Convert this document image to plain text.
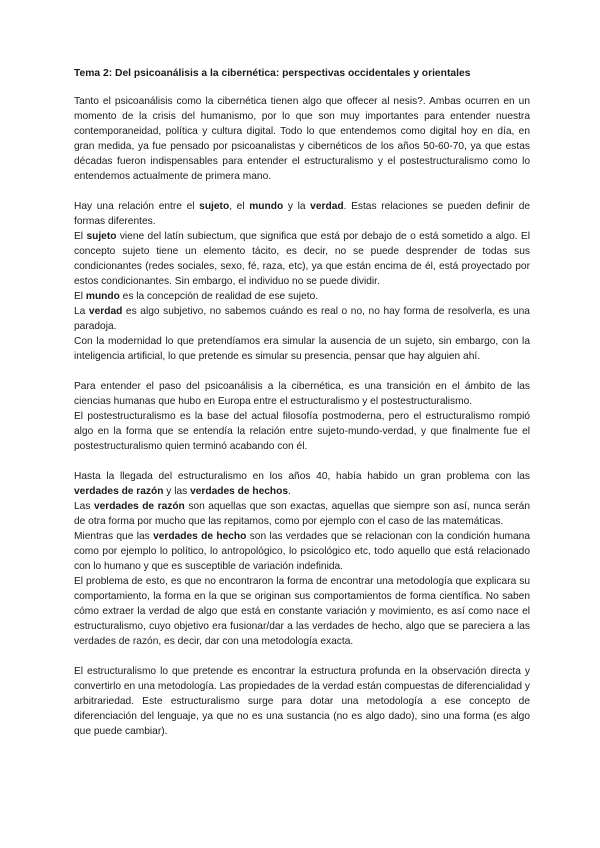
Tema 2: Del psicoanálisis a la cibernética: perspectivas occidentales y orientales

Tanto el psicoanálisis como la cibernética tienen algo que offecer al nesis?. Ambas ocurren en un momento de la crisis del humanismo, por lo que son muy importantes para entender nuestra contemporaneidad, política y cultura digital. Todo lo que entendemos como digital hoy en día, en gran medida, ya fue pensado por psicoanalistas y cibernéticos de los años 50-60-70, ya que estas décadas fueron indispensables para entender el estructuralismo y el postestructuralismo como lo entendemos actualmente de primera mano.

Hay una relación entre el sujeto, el mundo y la verdad. Estas relaciones se pueden definir de formas diferentes.

El sujeto viene del latín subiectum, que significa que está por debajo de o está sometido a algo. El concepto sujeto tiene un elemento tácito, es decir, no se puede desprender de todas sus condicionantes (redes sociales, sexo, fé, raza, etc), ya que están encima de él, está proyectado por estos condicionantes. Sin embargo, el individuo no se puede dividir.

El mundo es la concepción de realidad de ese sujeto.

La verdad es algo subjetivo, no sabemos cuándo es real o no, no hay forma de resolverla, es una paradoja.

Con la modernidad lo que pretendíamos era simular la ausencia de un sujeto, sin embargo, con la inteligencia artificial, lo que pretende es simular su presencia, pensar que hay alguien ahí.

Para entender el paso del psicoanálisis a la cibernética, es una transición en el ámbito de las ciencias humanas que hubo en Europa entre el estructuralismo y el postestructuralismo.

El postestructuralismo es la base del actual filosofía postmoderna, pero el estructuralismo rompió algo en la forma que se entendía la relación entre sujeto-mundo-verdad, y que finalmente fue el postestructuralismo quien terminó acabando con él.

Hasta la llegada del estructuralismo en los años 40, había habido un gran problema con las verdades de razón y las verdades de hechos.

Las verdades de razón son aquellas que son exactas, aquellas que siempre son así, nunca serán de otra forma por mucho que las repitamos, como por ejemplo con el caso de las matemáticas.

Mientras que las verdades de hecho son las verdades que se relacionan con la condición humana como por ejemplo lo político, lo antropológico, lo psicológico etc, todo aquello que está relacionado con lo humano y que es susceptible de variación indefinida.

El problema de esto, es que no encontraron la forma de encontrar una metodología que explicara su comportamiento, la forma en la que se originan sus comportamientos de forma científica. No saben cómo extraer la verdad de algo que está en constante variación y movimiento, es así como nace el estructuralismo, cuyo objetivo era fusionar/dar a las verdades de hecho, algo que se pareciera a las verdades de razón, es decir, dar con una metodología exacta.

El estructuralismo lo que pretende es encontrar la estructura profunda en la observación directa y convertirlo en una metodología. Las propiedades de la verdad están compuestas de diferencialidad y arbitrariedad. Este estructuralismo surge para dotar una metodología a ese concepto de diferenciación del lenguaje, ya que no es una sustancia (no es algo dado), sino una forma (es algo que puede cambiar).
